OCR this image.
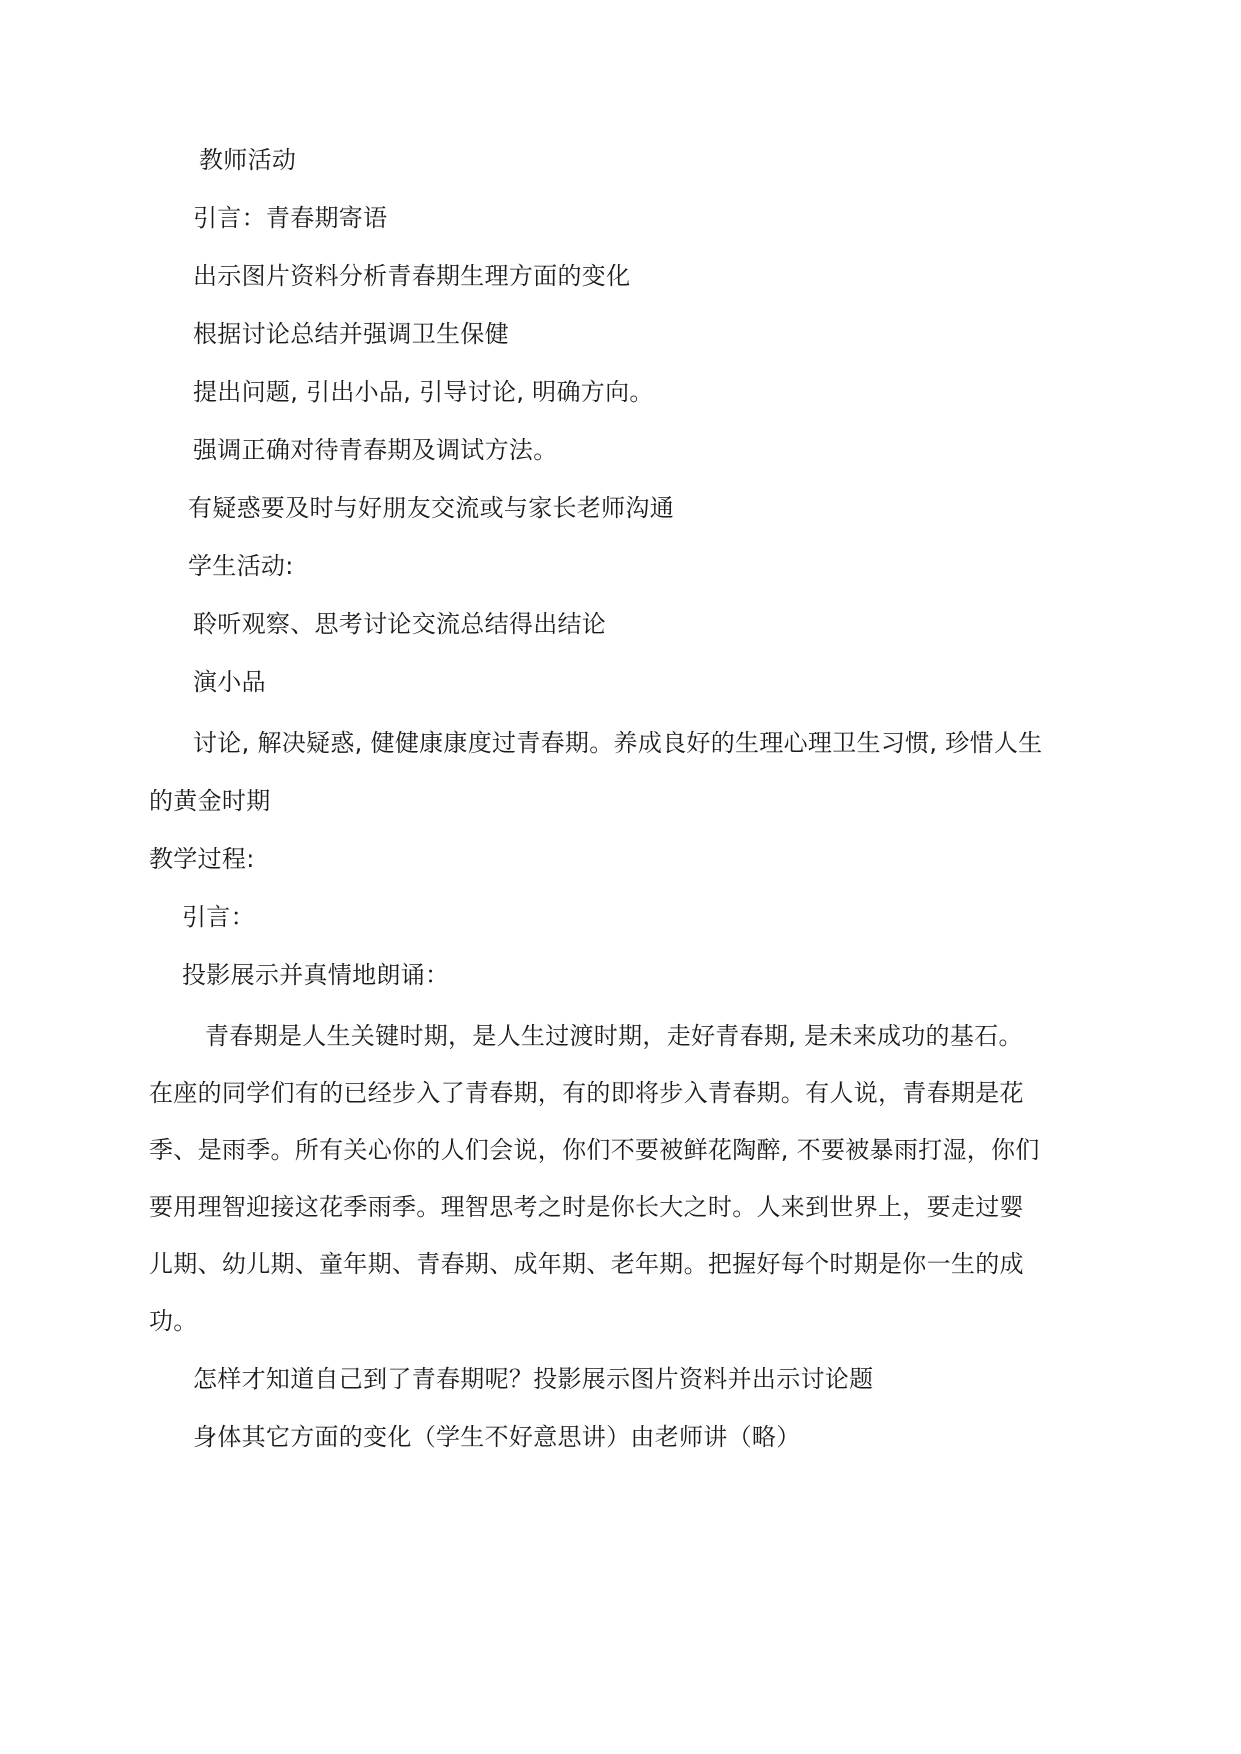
教师活动
引言：青春期寄语
出示图片资料分析青春期生理方面的变化
根据讨论总结并强调卫生保健
提出问题, 引出小品, 引导讨论, 明确方向。
强调正确对待青春期及调试方法。
有疑惑要及时与好朋友交流或与家长老师沟通
学生活动:
聆听观察、思考讨论交流总结得出结论
演小品
讨论, 解决疑惑, 健健康康度过青春期。养成良好的生理心理卫生习惯, 珍惜人生
的黄金时期
教学过程:
引言：
投影展示并真情地朗诵：
青春期是人生关键时期，是人生过渡时期，走好青春期, 是未来成功的基石。
在座的同学们有的已经步入了青春期，有的即将步入青春期。有人说，青春期是花
季、是雨季。所有关心你的人们会说，你们不要被鲜花陶醉, 不要被暴雨打湿，你们
要用理智迎接这花季雨季。理智思考之时是你长大之时。人来到世界上，要走过婴
儿期、幼儿期、童年期、青春期、成年期、老年期。把握好每个时期是你一生的成
功。
怎样才知道自己到了青春期呢？投影展示图片资料并出示讨论题
身体其它方面的变化（学生不好意思讲）由老师讲（略）
